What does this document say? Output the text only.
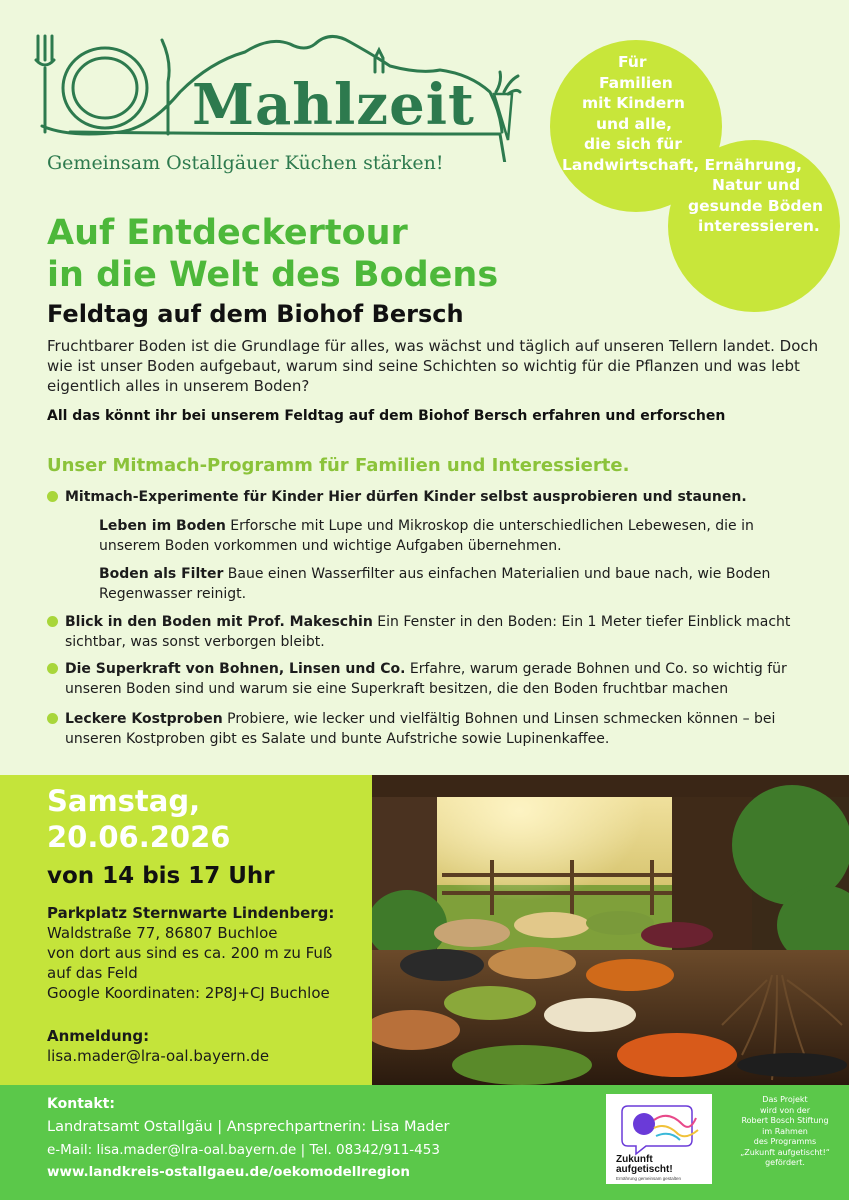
Mahlzeit
Gemeinsam Ostallgäuer Küchen stärken!
Für
Familien
mit Kindern
und alle,
die sich für
Landwirtschaft, Ernährung,
Natur und
gesunde Böden
interessieren.
Auf Entdeckertour
in die Welt des Bodens
Feldtag auf dem Biohof Bersch
Fruchtbarer Boden ist die Grundlage für alles, was wächst und täglich auf unseren Tellern landet. Doch wie ist unser Boden aufgebaut, warum sind seine Schichten so wichtig für die Pflanzen und was lebt eigentlich alles in unserem Boden?
All das könnt ihr bei unserem Feldtag auf dem Biohof Bersch erfahren und erforschen
Unser Mitmach-Programm für Familien und Interessierte.
Mitmach-Experimente für Kinder Hier dürfen Kinder selbst ausprobieren und staunen.
Leben im Boden Erforsche mit Lupe und Mikroskop die unterschiedlichen Lebewesen, die in unserem Boden vorkommen und wichtige Aufgaben übernehmen.
Boden als Filter Baue einen Wasserfilter aus einfachen Materialien und baue nach, wie Boden Regenwasser reinigt.
Blick in den Boden mit Prof. Makeschin Ein Fenster in den Boden: Ein 1 Meter tiefer Einblick macht sichtbar, was sonst verborgen bleibt.
Die Superkraft von Bohnen, Linsen und Co. Erfahre, warum gerade Bohnen und Co. so wichtig für unseren Boden sind und warum sie eine Superkraft besitzen, die den Boden fruchtbar machen
Leckere Kostproben Probiere, wie lecker und vielfältig Bohnen und Linsen schmecken können – bei unseren Kostproben gibt es Salate und bunte Aufstriche sowie Lupinenkaffee.
Samstag,
20.06.2026
von 14 bis 17 Uhr
Parkplatz Sternwarte Lindenberg:
Waldstraße 77, 86807 Buchloe
von dort aus sind es ca. 200 m zu Fuß
auf das Feld
Google Koordinaten: 2P8J+CJ Buchloe
Anmeldung:
lisa.mader@lra-oal.bayern.de
Kontakt:
Landratsamt Ostallgäu | Ansprechpartnerin: Lisa Mader
e-Mail: lisa.mader@lra-oal.bayern.de | Tel. 08342/911-453
www.landkreis-ostallgaeu.de/oekomodellregion
Zukunft
aufgetischt!
Ernährung gemeinsam gestalten
Das Projekt
wird von der
Robert Bosch Stiftung
im Rahmen
des Programms
„Zukunft aufgetischt!“
gefördert.
